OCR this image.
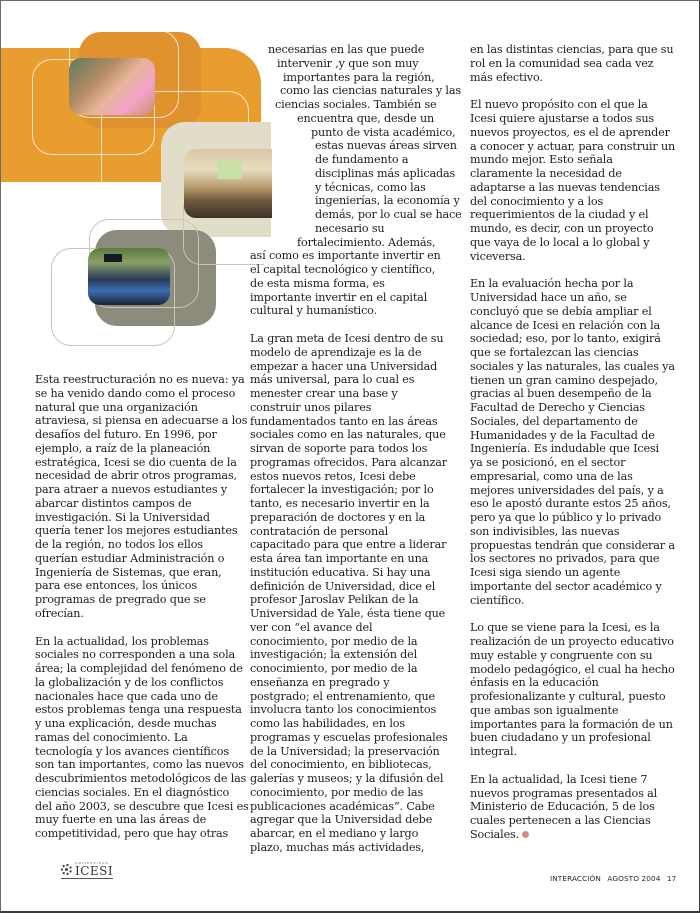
Esta reestructuración no es nueva: ya
se ha venido dando como el proceso
natural que una organización
atraviesa, si piensa en adecuarse a los
desafíos del futuro. En 1996, por
ejemplo, a raíz de la planeación
estratégica, Icesi se dio cuenta de la
necesidad de abrir otros programas,
para atraer a nuevos estudiantes y
abarcar distintos campos de
investigación. Si la Universidad
quería tener los mejores estudiantes
de la región, no todos los ellos
querían estudiar Administración o
Ingeniería de Sistemas, que eran,
para ese entonces, los únicos
programas de pregrado que se
ofrecían.

En la actualidad, los problemas
sociales no corresponden a una sola
área; la complejidad del fenómeno de
la globalización y de los conflictos
nacionales hace que cada uno de
estos problemas tenga una respuesta
y una explicación, desde muchas
ramas del conocimiento. La
tecnología y los avances científicos
son tan importantes, como las nuevos
descubrimientos metodológicos de las
ciencias sociales. En el diagnóstico
del año 2003, se descubre que Icesi es
muy fuerte en una las áreas de
competitividad, pero que hay otras

necesarias en las que puede
intervenir ,y que son muy
importantes para la región,
como las ciencias naturales y las
ciencias sociales. También se
encuentra que, desde un
punto de vista académico,
estas nuevas áreas sirven
de fundamento a
disciplinas más aplicadas
y técnicas, como las
ingenierías, la economía y
demás, por lo cual se hace
necesario su
fortalecimiento. Además,
así como es importante invertir en
el capital tecnológico y científico,
de esta misma forma, es
importante invertir en el capital
cultural y humanístico.

La gran meta de Icesi dentro de su
modelo de aprendizaje es la de
empezar a hacer una Universidad
más universal, para lo cual es
menester crear una base y
construir unos pilares
fundamentados tanto en las áreas
sociales como en las naturales, que
sirvan de soporte para todos los
programas ofrecidos. Para alcanzar
estos nuevos retos, Icesi debe
fortalecer la investigación; por lo
tanto, es necesario invertir en la
preparación de doctores y en la
contratación de personal
capacitado para que entre a liderar
esta área tan importante en una
institución educativa. Si hay una
definición de Universidad, dice el
profesor Jaroslav Pelikan de la
Universidad de Yale, ésta tiene que
ver con “el avance del
conocimiento, por medio de la
investigación; la extensión del
conocimiento, por medio de la
enseñanza en pregrado y
postgrado; el entrenamiento, que
involucra tanto los conocimientos
como las habilidades, en los
programas y escuelas profesionales
de la Universidad; la preservación
del conocimiento, en bibliotecas,
galerías y museos; y la difusión del
conocimiento, por medio de las
publicaciones académicas”. Cabe
agregar que la Universidad debe
abarcar, en el mediano y largo
plazo, muchas más actividades,

en las distintas ciencias, para que su
rol en la comunidad sea cada vez
más efectivo.

El nuevo propósito con el que la
Icesi quiere ajustarse a todos sus
nuevos proyectos, es el de aprender
a conocer y actuar, para construir un
mundo mejor. Esto señala
claramente la necesidad de
adaptarse a las nuevas tendencias
del conocimiento y a los
requerimientos de la ciudad y el
mundo, es decir, con un proyecto
que vaya de lo local a lo global y
viceversa.

En la evaluación hecha por la
Universidad hace un año, se
concluyó que se debía ampliar el
alcance de Icesi en relación con la
sociedad; eso, por lo tanto, exigirá
que se fortalezcan las ciencias
sociales y las naturales, las cuales ya
tienen un gran camino despejado,
gracias al buen desempeño de la
Facultad de Derecho y Ciencias
Sociales, del departamento de
Humanidades y de la Facultad de
Ingeniería. Es indudable que Icesi
ya se posicionó, en el sector
empresarial, como una de las
mejores universidades del país, y a
eso le apostó durante estos 25 años,
pero ya que lo público y lo privado
son indivisibles, las nuevas
propuestas tendrán que considerar a
los sectores no privados, para que
Icesi siga siendo un agente
importante del sector académico y
científico.

Lo que se viene para la Icesi, es la
realización de un proyecto educativo
muy estable y congruente con su
modelo pedagógico, el cual ha hecho
énfasis en la educación
profesionalizante y cultural, puesto
que ambas son igualmente
importantes para la formación de un
buen ciudadano y un profesional
integral.

En la actualidad, la Icesi tiene 7
nuevos programas presentados al
Ministerio de Educación, 5 de los
cuales pertenecen a las Ciencias
Sociales.

UNIVERSIDAD
ICESI
INTERACCIÓN AGOSTO 2004 17
